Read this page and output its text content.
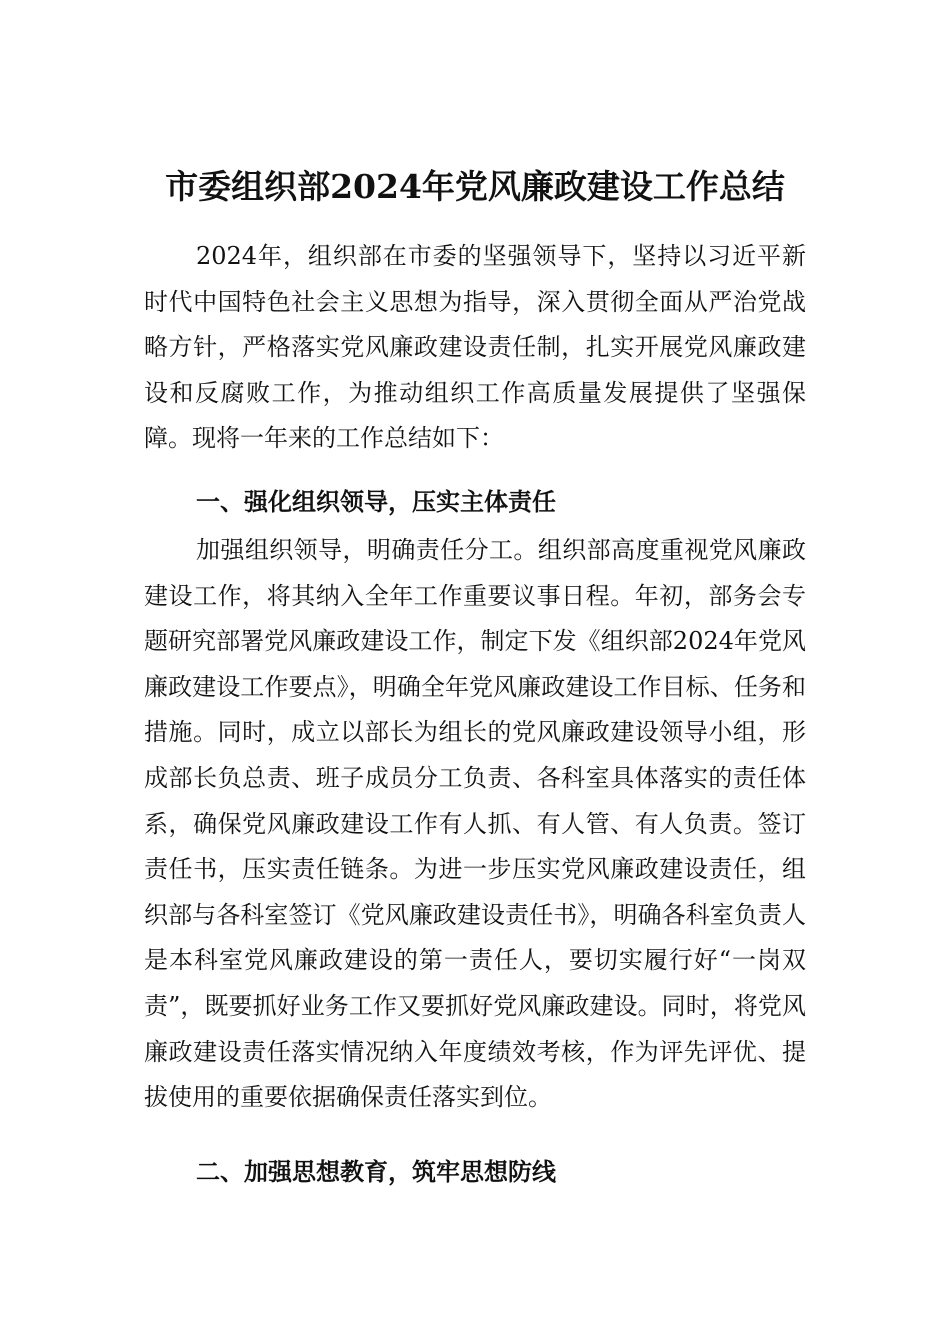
市委组织部2024年党风廉政建设工作总结

2024年，组织部在市委的坚强领导下，坚持以习近平新时代中国特色社会主义思想为指导，深入贯彻全面从严治党战略方针，严格落实党风廉政建设责任制，扎实开展党风廉政建设和反腐败工作，为推动组织工作高质量发展提供了坚强保障。现将一年来的工作总结如下：

一、强化组织领导，压实主体责任

加强组织领导，明确责任分工。组织部高度重视党风廉政建设工作，将其纳入全年工作重要议事日程。年初，部务会专题研究部署党风廉政建设工作，制定下发《组织部2024年党风廉政建设工作要点》，明确全年党风廉政建设工作目标、任务和措施。同时，成立以部长为组长的党风廉政建设领导小组，形成部长负总责、班子成员分工负责、各科室具体落实的责任体系，确保党风廉政建设工作有人抓、有人管、有人负责。签订责任书，压实责任链条。为进一步压实党风廉政建设责任，组织部与各科室签订《党风廉政建设责任书》，明确各科室负责人是本科室党风廉政建设的第一责任人，要切实履行好“一岗双责”，既要抓好业务工作又要抓好党风廉政建设。同时，将党风廉政建设责任落实情况纳入年度绩效考核，作为评先评优、提拔使用的重要依据确保责任落实到位。

二、加强思想教育，筑牢思想防线
